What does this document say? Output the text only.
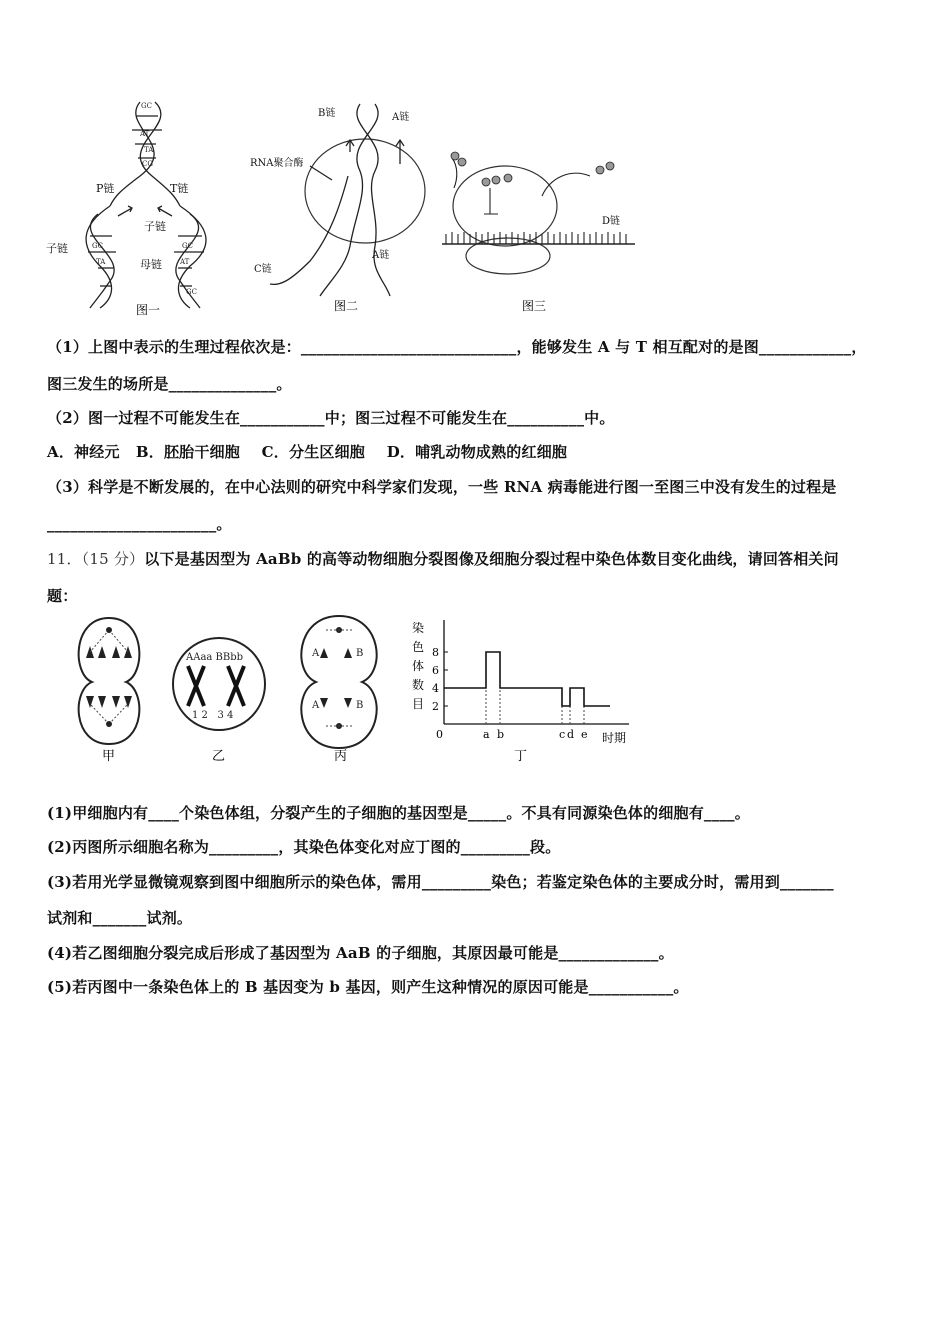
GC
AT
TA
CG
GC
TA
GC
AT
GC
P链	T链
子链
子链
母链
图一
B链	A链
RNA聚合酶
A链
C链
图二
D链
图三
（1）上图中表示的生理过程依次是：____________________________，能够发生 A 与 T 相互配对的是图____________，
图三发生的场所是______________。
（2）图一过程不可能发生在___________中；图三过程不可能发生在__________中。
A．神经元   B．胚胎干细胞    C．分生区细胞    D．哺乳动物成熟的红细胞
（3）科学是不断发展的，在中心法则的研究中科学家们发现，一些 RNA 病毒能进行图一至图三中没有发生的过程是
______________________。
11．（15 分）以下是基因型为 AaBb 的高等动物细胞分裂图像及细胞分裂过程中染色体数目变化曲线，请回答相关问
题：
甲
AAaa BBbb
1 2   3 4
乙
A	B
A	B
丙
染
色
体
数
目 2
4
6
8
0	a b	c d e 时期
丁
(1)甲细胞内有____个染色体组，分裂产生的子细胞的基因型是_____。不具有同源染色体的细胞有____。
(2)丙图所示细胞名称为_________，其染色体变化对应丁图的_________段。
(3)若用光学显微镜观察到图中细胞所示的染色体，需用_________染色；若鉴定染色体的主要成分时，需用到_______
试剂和_______试剂。
(4)若乙图细胞分裂完成后形成了基因型为 AaB 的子细胞，其原因最可能是_____________。
(5)若丙图中一条染色体上的 B 基因变为 b 基因，则产生这种情况的原因可能是___________。
